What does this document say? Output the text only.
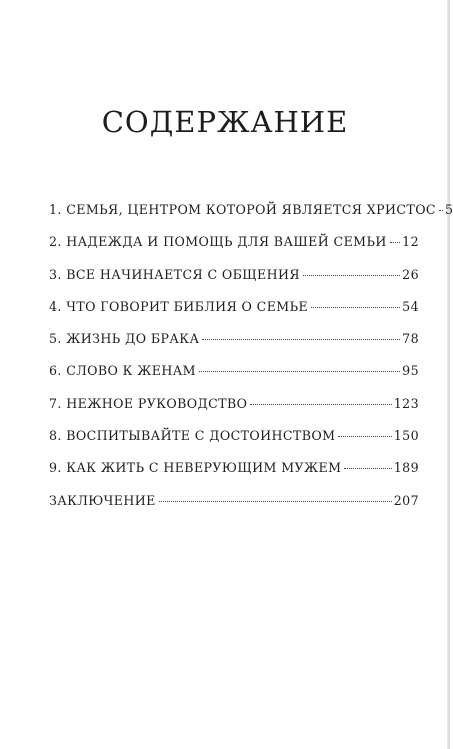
СОДЕРЖАНИЕ
1. СЕМЬЯ, ЦЕНТРОМ КОТОРОЙ ЯВЛЯЕТСЯ ХРИСТОС 5
2. НАДЕЖДА И ПОМОЩЬ ДЛЯ ВАШЕЙ СЕМЬИ 12
3. ВСЕ НАЧИНАЕТСЯ С ОБЩЕНИЯ	26
4. ЧТО ГОВОРИТ БИБЛИЯ О СЕМЬЕ	54
5. ЖИЗНЬ ДО БРАКА	78
6. СЛОВО К ЖЕНАМ	95
7. НЕЖНОЕ РУКОВОДСТВО	123
8. ВОСПИТЫВАЙТЕ С ДОСТОИНСТВОМ	150
9. КАК ЖИТЬ С НЕВЕРУЮЩИМ МУЖЕМ	189
ЗАКЛЮЧЕНИЕ	207
